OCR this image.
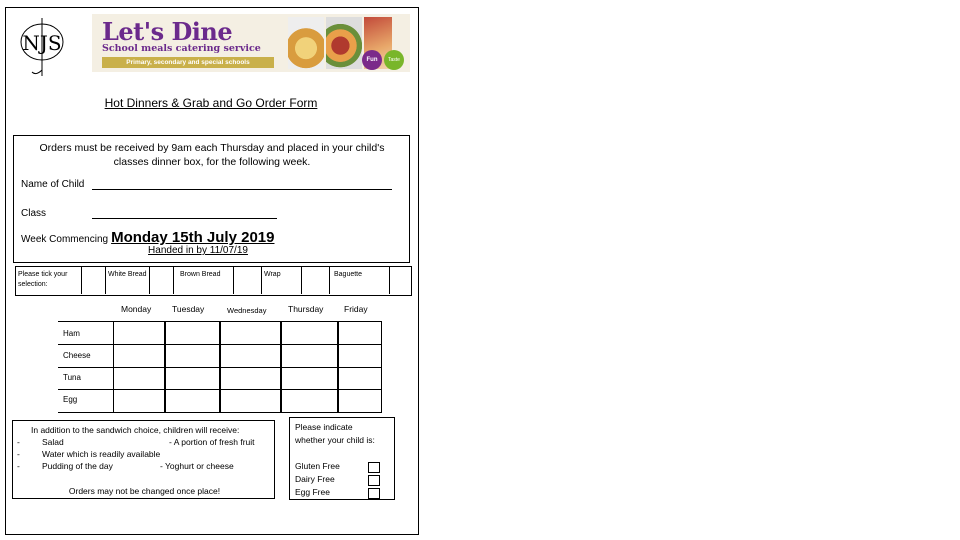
NJS Let's Dine
School meals catering service
Primary, secondary and special schools	Fun	Taste
Hot Dinners & Grab and Go Order Form
Orders must be received by 9am each Thursday and placed in your child's classes dinner box, for the following week.
Name of Child
Class
Week Commencing Monday 15th July 2019
Handed in by 11/07/19
Please tick your selection:
White Bread	Brown Bread	Wrap	Baguette
Monday Tuesday	Wednesday	Thursday Friday
Ham
Cheese
Tuna
Egg
In addition to the sandwich choice, children will receive:
-
-
-
Salad
Water which is readily available
Pudding of the day
- A portion of fresh fruit
- Yoghurt or cheese
Orders may not be changed once place!
Please indicate whether your child is:
Gluten Free
Dairy Free
Egg Free
